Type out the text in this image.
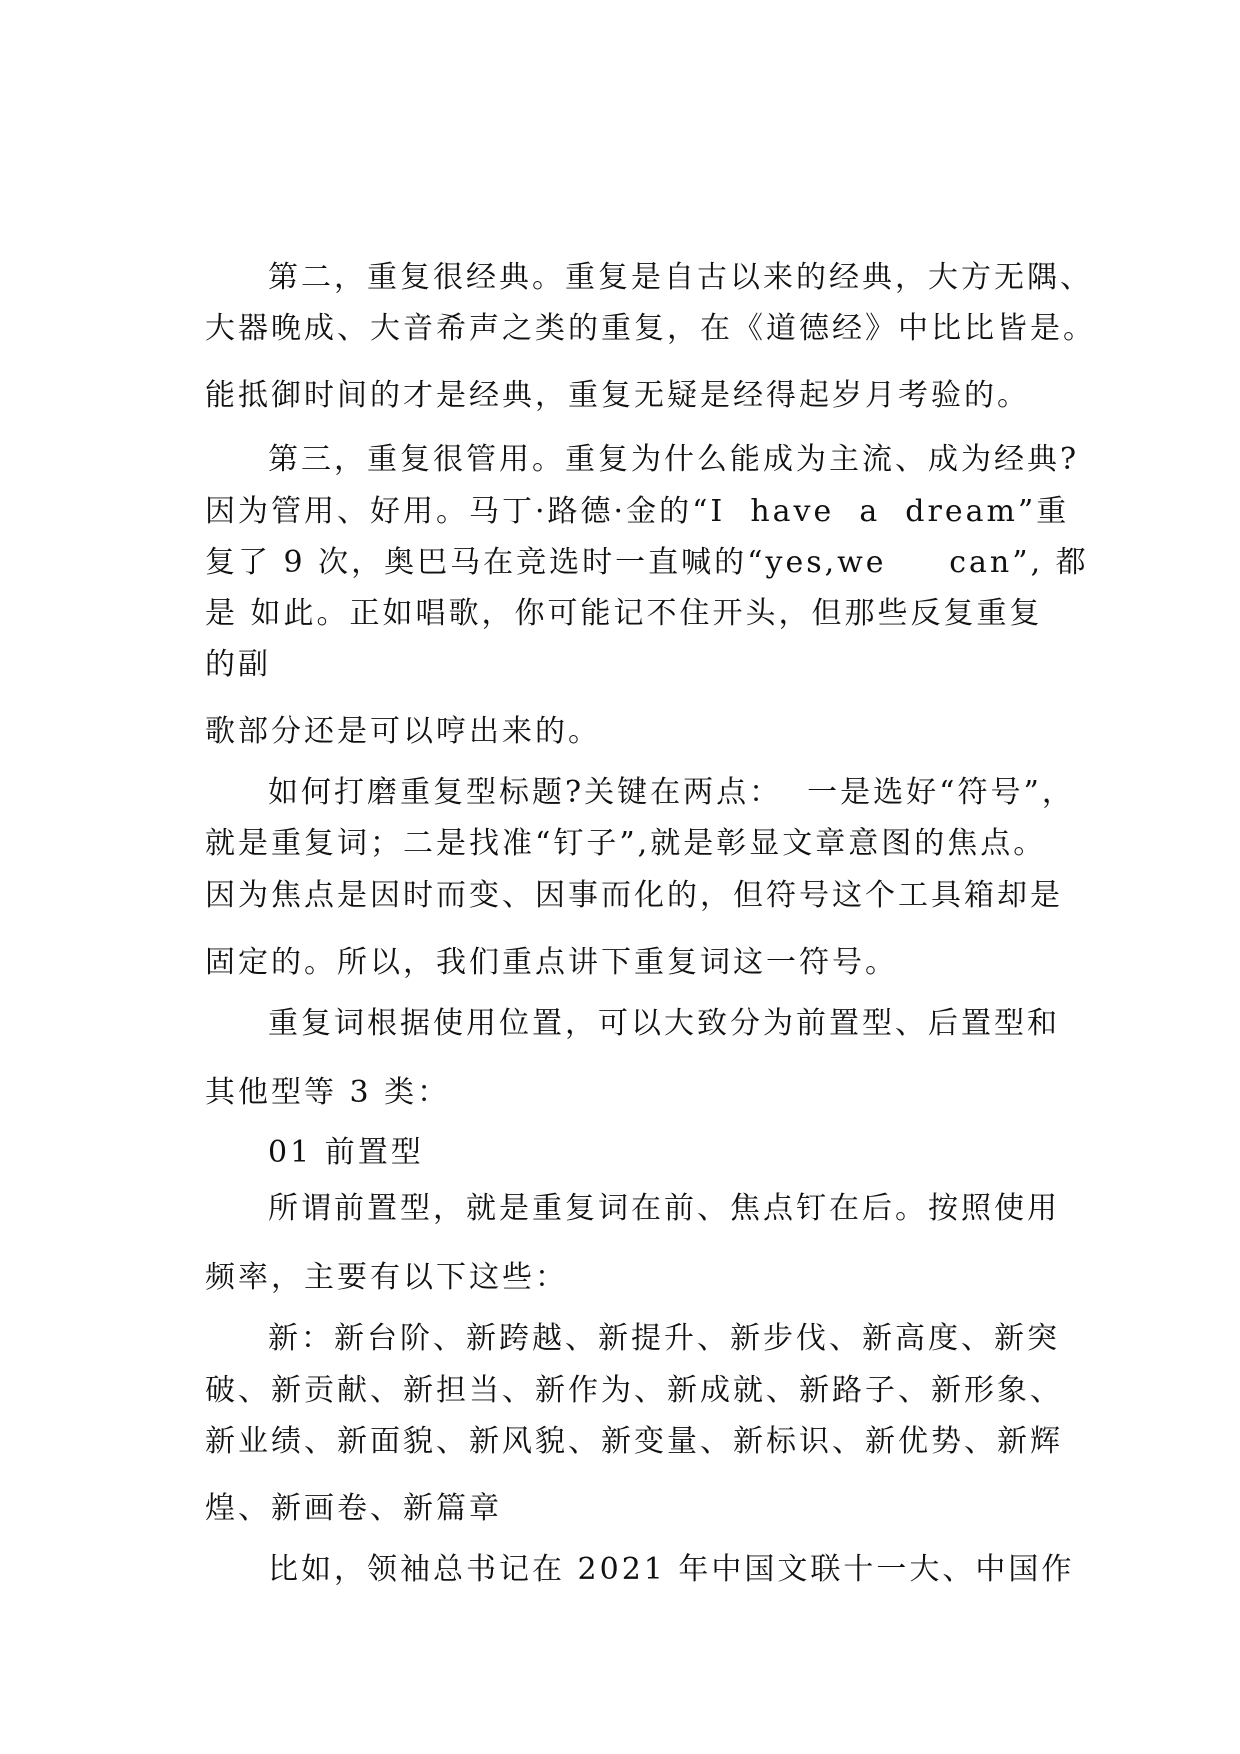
第二，重复很经典。重复是自古以来的经典，大方无隅、

大器晚成、大音希声之类的重复，在《道德经》中比比皆是。

能抵御时间的才是经典，重复无疑是经得起岁月考验的。

第三，重复很管用。重复为什么能成为主流、成为经典?

因为管用、好用。马丁·路德·金的“I  have  a  dream”重

复了 9 次，奥巴马在竞选时一直喊的“yes,we     can”, 都

是 如此。正如唱歌，你可能记不住开头，但那些反复重复

的副

歌部分还是可以哼出来的。

如何打磨重复型标题?关键在两点：  一是选好“符号”，

就是重复词；二是找准“钉子”,就是彰显文章意图的焦点。

因为焦点是因时而变、因事而化的，但符号这个工具箱却是

固定的。所以，我们重点讲下重复词这一符号。

重复词根据使用位置，可以大致分为前置型、后置型和

其他型等 3 类：

01 前置型

所谓前置型，就是重复词在前、焦点钉在后。按照使用

频率，主要有以下这些：

新：新台阶、新跨越、新提升、新步伐、新高度、新突

破、新贡献、新担当、新作为、新成就、新路子、新形象、

新业绩、新面貌、新风貌、新变量、新标识、新优势、新辉

煌、新画卷、新篇章

比如，领袖总书记在 2021 年中国文联十一大、中国作
